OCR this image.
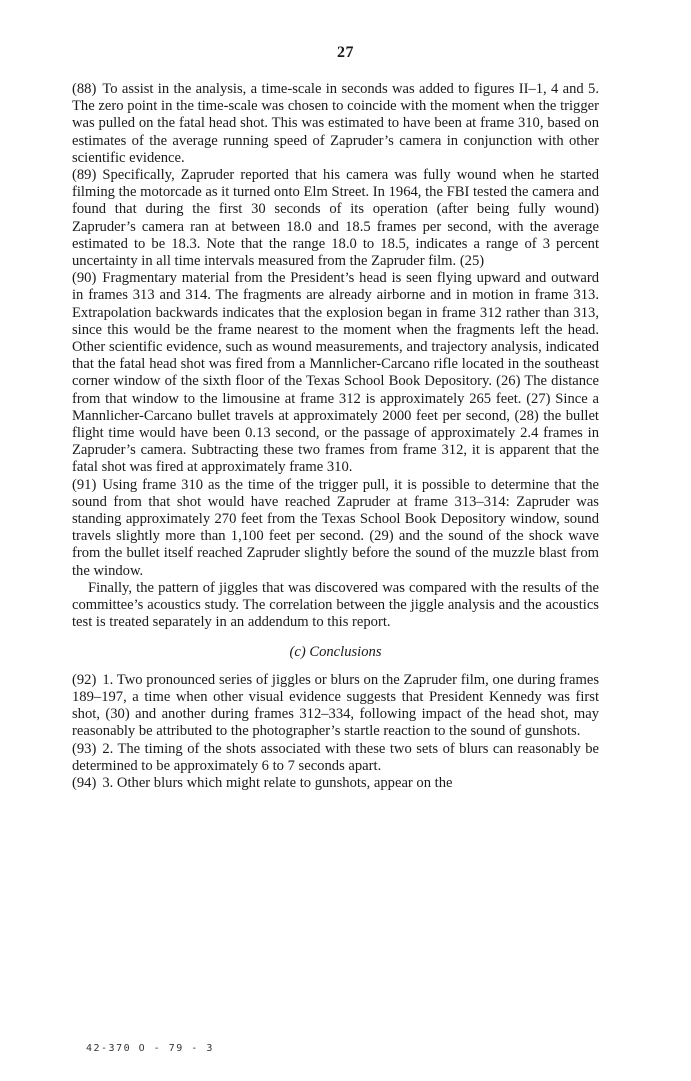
27

(88) To assist in the analysis, a time-scale in seconds was added to figures II–1, 4 and 5. The zero point in the time-scale was chosen to coincide with the moment when the trigger was pulled on the fatal head shot. This was estimated to have been at frame 310, based on estimates of the average running speed of Zapruder’s camera in conjunction with other scientific evidence.

(89) Specifically, Zapruder reported that his camera was fully wound when he started filming the motorcade as it turned onto Elm Street. In 1964, the FBI tested the camera and found that during the first 30 seconds of its operation (after being fully wound) Zapruder’s camera ran at between 18.0 and 18.5 frames per second, with the average estimated to be 18.3. Note that the range 18.0 to 18.5, indicates a range of 3 percent uncertainty in all time intervals measured from the Zapruder film. (25)

(90) Fragmentary material from the President’s head is seen flying upward and outward in frames 313 and 314. The fragments are already airborne and in motion in frame 313. Extrapolation backwards indicates that the explosion began in frame 312 rather than 313, since this would be the frame nearest to the moment when the fragments left the head. Other scientific evidence, such as wound measurements, and trajectory analysis, indicated that the fatal head shot was fired from a Mannlicher-Carcano rifle located in the southeast corner window of the sixth floor of the Texas School Book Depository. (26) The distance from that window to the limousine at frame 312 is approximately 265 feet. (27) Since a Mannlicher-Carcano bullet travels at approximately 2000 feet per second, (28) the bullet flight time would have been 0.13 second, or the passage of approximately 2.4 frames in Zapruder’s camera. Subtracting these two frames from frame 312, it is apparent that the fatal shot was fired at approximately frame 310.

(91) Using frame 310 as the time of the trigger pull, it is possible to determine that the sound from that shot would have reached Zapruder at frame 313–314: Zapruder was standing approximately 270 feet from the Texas School Book Depository window, sound travels slightly more than 1,100 feet per second. (29) and the sound of the shock wave from the bullet itself reached Zapruder slightly before the sound of the muzzle blast from the window.

Finally, the pattern of jiggles that was discovered was compared with the results of the committee’s acoustics study. The correlation between the jiggle analysis and the acoustics test is treated separately in an addendum to this report.

(c) Conclusions

(92) 1. Two pronounced series of jiggles or blurs on the Zapruder film, one during frames 189–197, a time when other visual evidence suggests that President Kennedy was first shot, (30) and another during frames 312–334, following impact of the head shot, may reasonably be attributed to the photographer’s startle reaction to the sound of gunshots.

(93) 2. The timing of the shots associated with these two sets of blurs can reasonably be determined to be approximately 6 to 7 seconds apart.

(94) 3. Other blurs which might relate to gunshots, appear on the

42-370 O - 79 - 3
